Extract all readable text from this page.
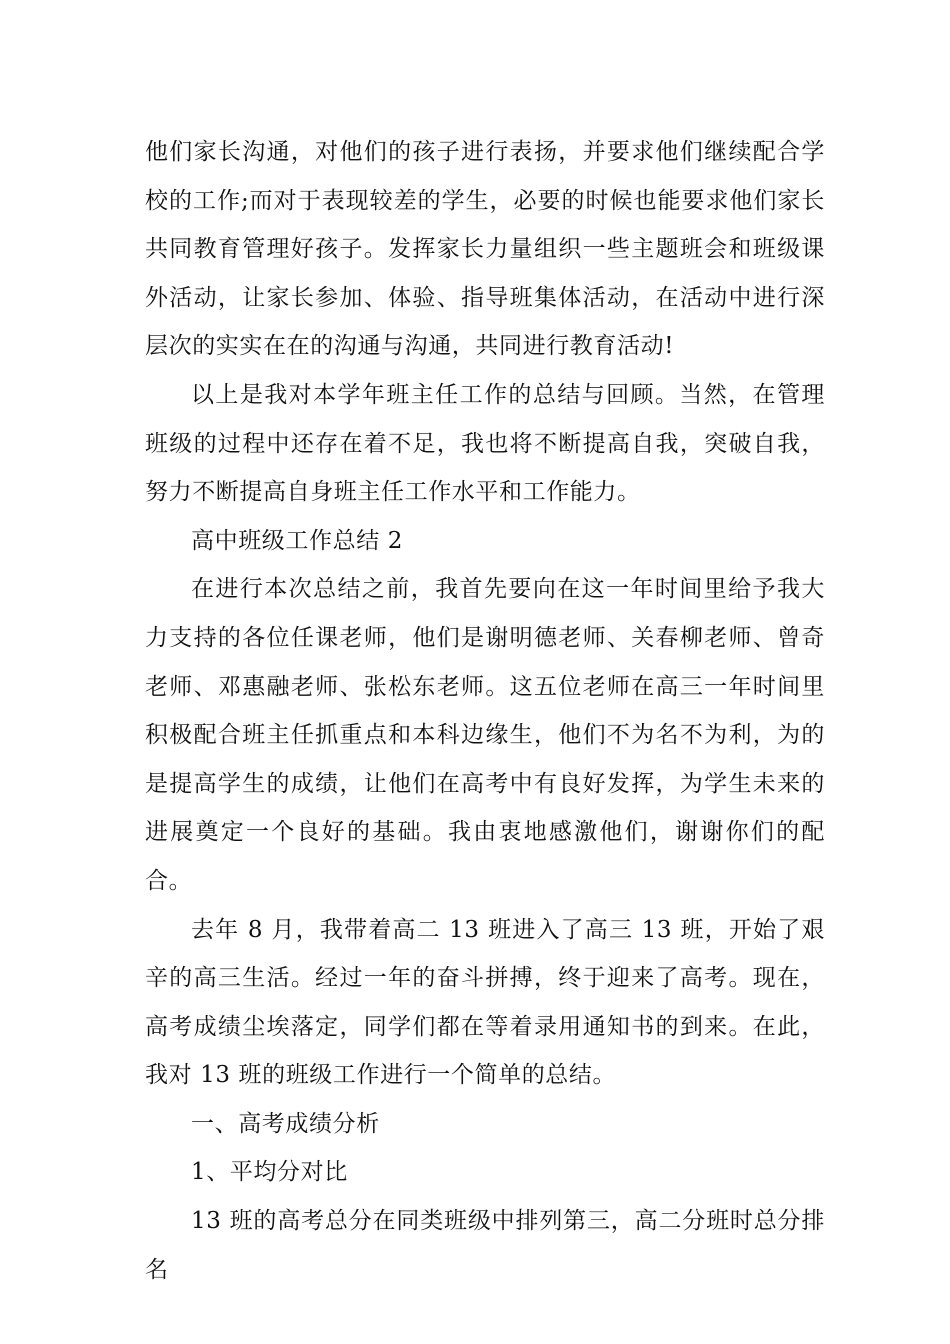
他们家长沟通，对他们的孩子进行表扬，并要求他们继续配合学校的工作;而对于表现较差的学生，必要的时候也能要求他们家长共同教育管理好孩子。发挥家长力量组织一些主题班会和班级课外活动，让家长参加、体验、指导班集体活动，在活动中进行深层次的实实在在的沟通与沟通，共同进行教育活动!

以上是我对本学年班主任工作的总结与回顾。当然，在管理班级的过程中还存在着不足，我也将不断提高自我，突破自我，努力不断提高自身班主任工作水平和工作能力。

高中班级工作总结 2

在进行本次总结之前，我首先要向在这一年时间里给予我大力支持的各位任课老师，他们是谢明德老师、关春柳老师、曾奇老师、邓惠融老师、张松东老师。这五位老师在高三一年时间里积极配合班主任抓重点和本科边缘生，他们不为名不为利，为的是提高学生的成绩，让他们在高考中有良好发挥，为学生未来的进展奠定一个良好的基础。我由衷地感激他们，谢谢你们的配合。

去年 8 月，我带着高二 13 班进入了高三 13 班，开始了艰辛的高三生活。经过一年的奋斗拼搏，终于迎来了高考。现在，高考成绩尘埃落定，同学们都在等着录用通知书的到来。在此，我对 13 班的班级工作进行一个简单的总结。

一、高考成绩分析

1、平均分对比

13 班的高考总分在同类班级中排列第三，高二分班时总分排名
